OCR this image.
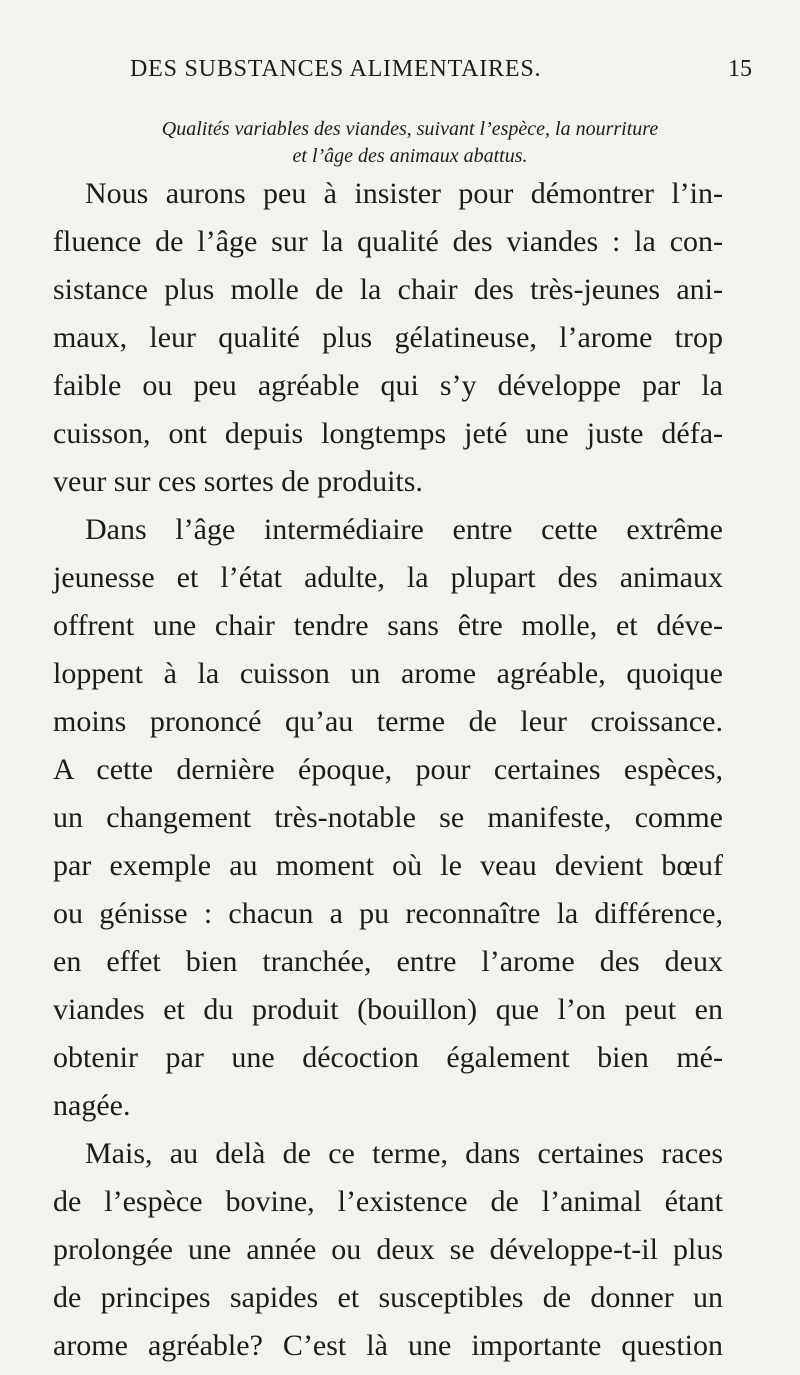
DES SUBSTANCES ALIMENTAIRES.	15
Qualités variables des viandes, suivant l’espèce, la nourriture
et l’âge des animaux abattus.
Nous aurons peu à insister pour démontrer l’in-
fluence de l’âge sur la qualité des viandes : la con-
sistance plus molle de la chair des très-jeunes ani-
maux, leur qualité plus gélatineuse, l’arome trop
faible ou peu agréable qui s’y développe par la
cuisson, ont depuis longtemps jeté une juste défa-
veur sur ces sortes de produits.
Dans l’âge intermédiaire entre cette extrême
jeunesse et l’état adulte, la plupart des animaux
offrent une chair tendre sans être molle, et déve-
loppent à la cuisson un arome agréable, quoique
moins prononcé qu’au terme de leur croissance.
A cette dernière époque, pour certaines espèces,
un changement très-notable se manifeste, comme
par exemple au moment où le veau devient bœuf
ou génisse : chacun a pu reconnaître la différence,
en effet bien tranchée, entre l’arome des deux
viandes et du produit (bouillon) que l’on peut en
obtenir par une décoction également bien mé-
nagée.
Mais, au delà de ce terme, dans certaines races
de l’espèce bovine, l’existence de l’animal étant
prolongée une année ou deux se développe-t-il plus
de principes sapides et susceptibles de donner un
arome agréable? C’est là une importante question
